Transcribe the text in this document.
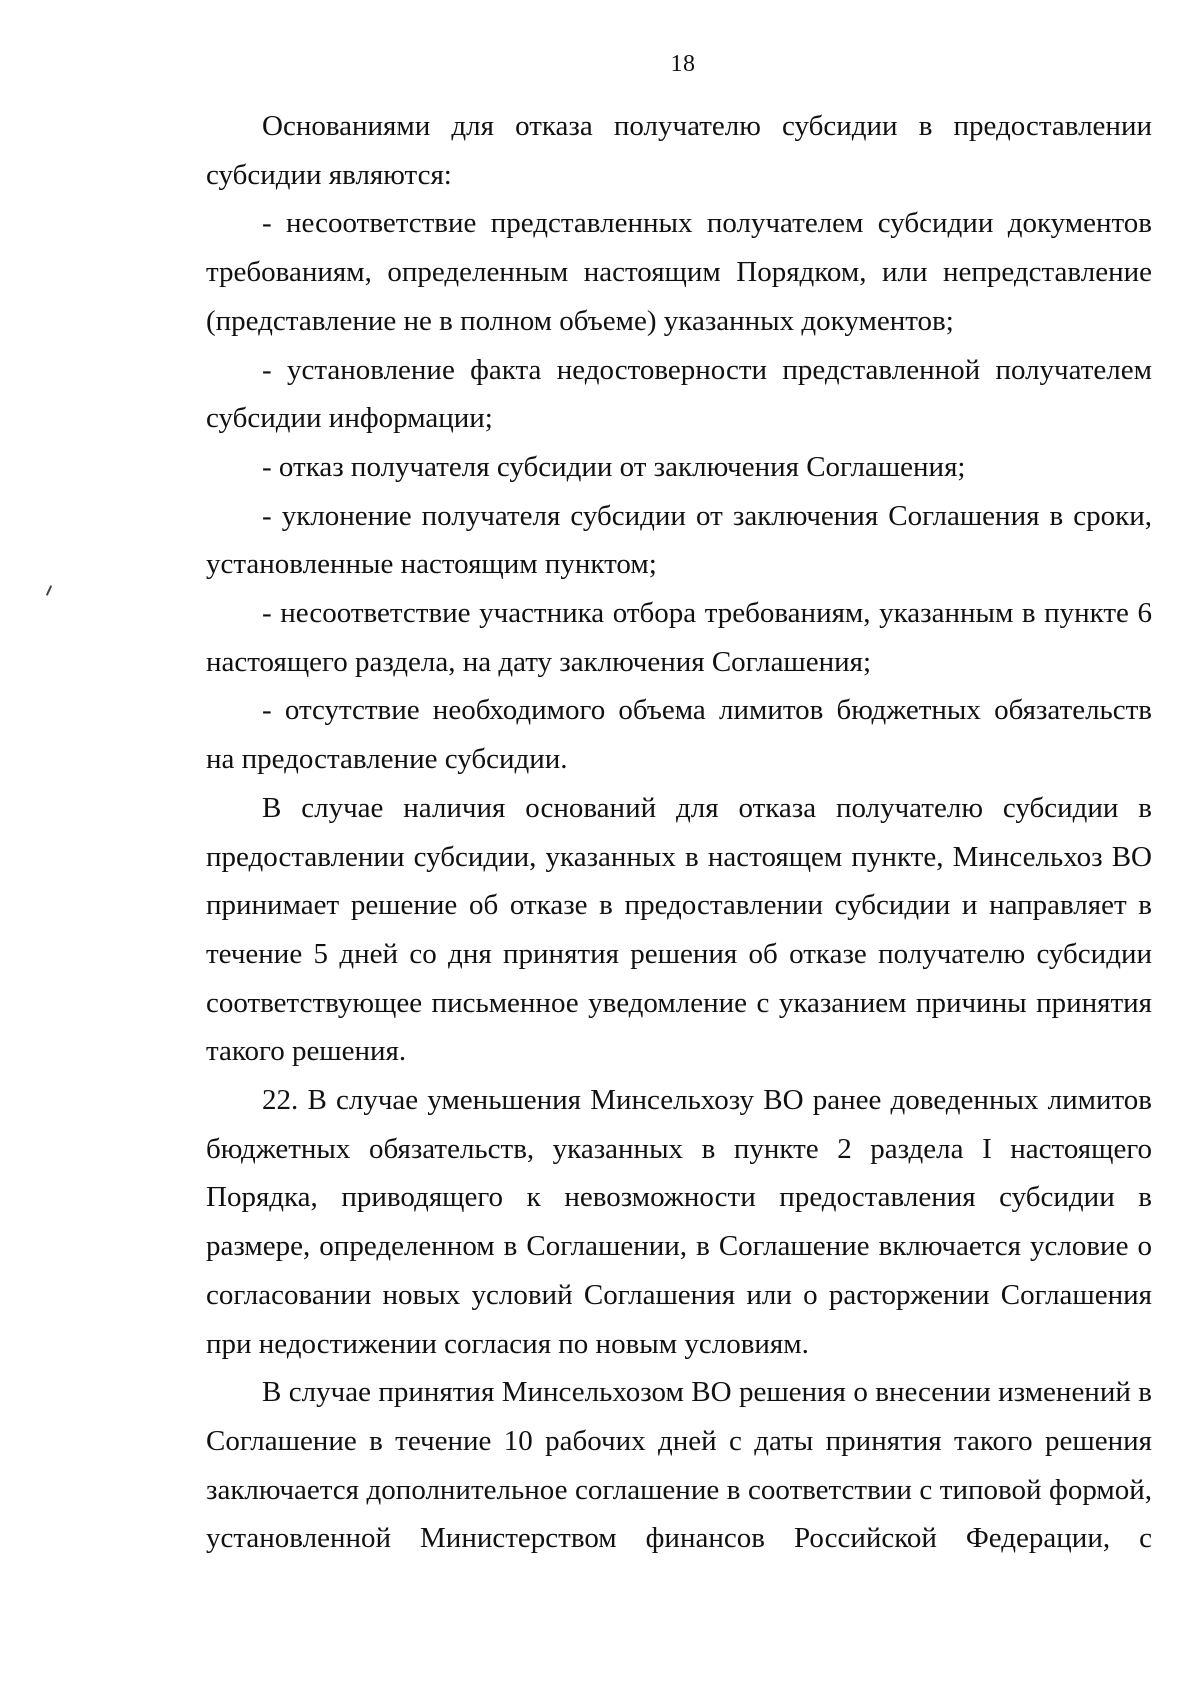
18

Основаниями для отказа получателю субсидии в предоставлении субсидии являются:

- несоответствие представленных получателем субсидии документов требованиям, определенным настоящим Порядком, или непредставление (представление не в полном объеме) указанных документов;

- установление факта недостоверности представленной получателем субсидии информации;

- отказ получателя субсидии от заключения Соглашения;

- уклонение получателя субсидии от заключения Соглашения в сроки, установленные настоящим пунктом;

- несоответствие участника отбора требованиям, указанным в пункте 6 настоящего раздела, на дату заключения Соглашения;

- отсутствие необходимого объема лимитов бюджетных обязательств на предоставление субсидии.

В случае наличия оснований для отказа получателю субсидии в предоставлении субсидии, указанных в настоящем пункте, Минсельхоз ВО принимает решение об отказе в предоставлении субсидии и направляет в течение 5 дней со дня принятия решения об отказе получателю субсидии соответствующее письменное уведомление с указанием причины принятия такого решения.

22. В случае уменьшения Минсельхозу ВО ранее доведенных лимитов бюджетных обязательств, указанных в пункте 2 раздела I настоящего Порядка, приводящего к невозможности предоставления субсидии в размере, определенном в Соглашении, в Соглашение включается условие о согласовании новых условий Соглашения или о расторжении Соглашения при недостижении согласия по новым условиям.

В случае принятия Минсельхозом ВО решения о внесении изменений в Соглашение в течение 10 рабочих дней с даты принятия такого решения заключается дополнительное соглашение в соответствии с типовой формой, установленной Министерством финансов Российской Федерации, с
